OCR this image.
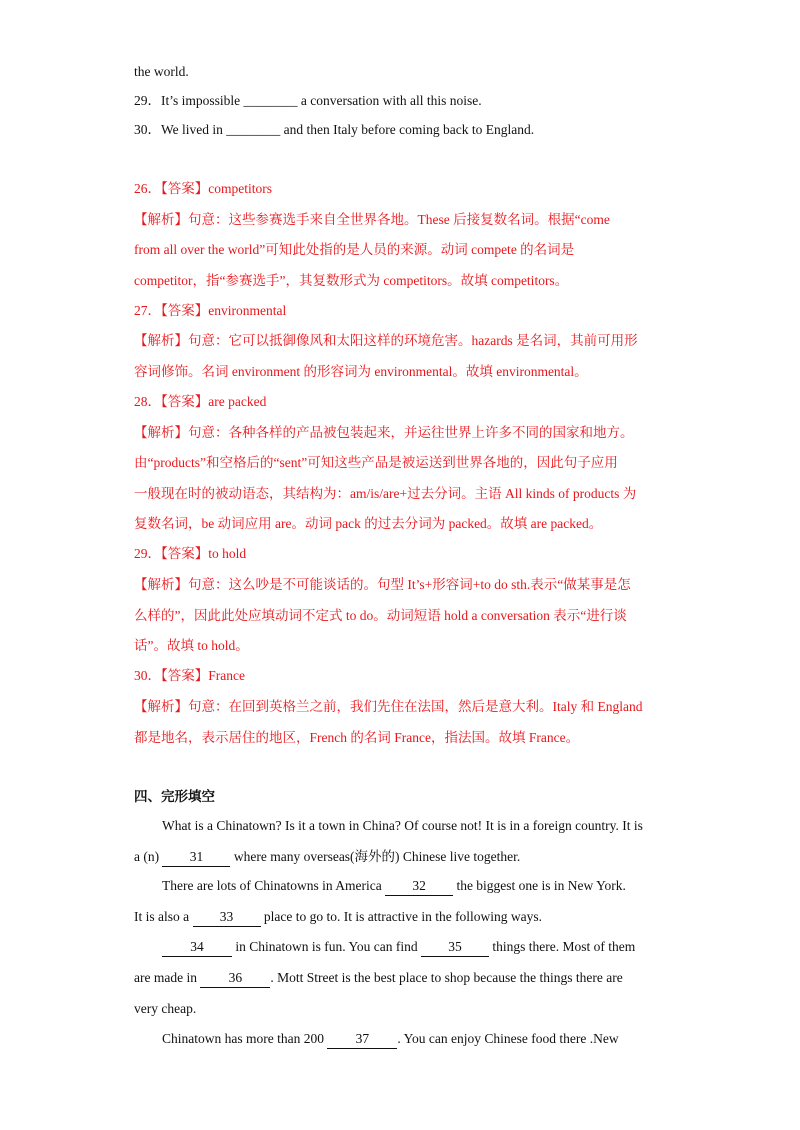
the world.
29．It’s impossible ________ a conversation with all this noise.
30．We lived in ________ and then Italy before coming back to England.
26．【答案】competitors
【解析】句意：这些参赛选手来自全世界各地。These 后接复数名词。根据“come
from all over the world”可知此处指的是人员的来源。动词 compete 的名词是
competitor，指“参赛选手”，其复数形式为 competitors。故填 competitors。
27．【答案】environmental
【解析】句意：它可以抵御像风和太阳这样的环境危害。hazards 是名词，其前可用形
容词修饰。名词 environment 的形容词为 environmental。故填 environmental。
28．【答案】are packed
【解析】句意：各种各样的产品被包装起来，并运往世界上许多不同的国家和地方。
由“products”和空格后的“sent”可知这些产品是被运送到世界各地的，因此句子应用
一般现在时的被动语态，其结构为：am/is/are+过去分词。主语 All kinds of products 为
复数名词，be 动词应用 are。动词 pack 的过去分词为 packed。故填 are packed。
29．【答案】to hold
【解析】句意：这么吵是不可能谈话的。句型 It’s+形容词+to do sth.表示“做某事是怎
么样的”，因此此处应填动词不定式 to do。动词短语 hold a conversation 表示“进行谈
话”。故填 to hold。
30．【答案】France
【解析】句意：在回到英格兰之前，我们先住在法国，然后是意大利。Italy 和 England
都是地名，表示居住的地区，French 的名词 France，指法国。故填 France。
四、完形填空
What is a Chinatown? Is it a town in China? Of course not! It is in a foreign country. It is
a (n) 31 where many overseas(海外的) Chinese live together.
There are lots of Chinatowns in America 32 the biggest one is in New York.
It is also a 33 place to go to. It is attractive in the following ways.
34 in Chinatown is fun. You can find 35 things there. Most of them
are made in 36 . Mott Street is the best place to shop because the things there are
very cheap.
Chinatown has more than 200 37 . You can enjoy Chinese food there .New
